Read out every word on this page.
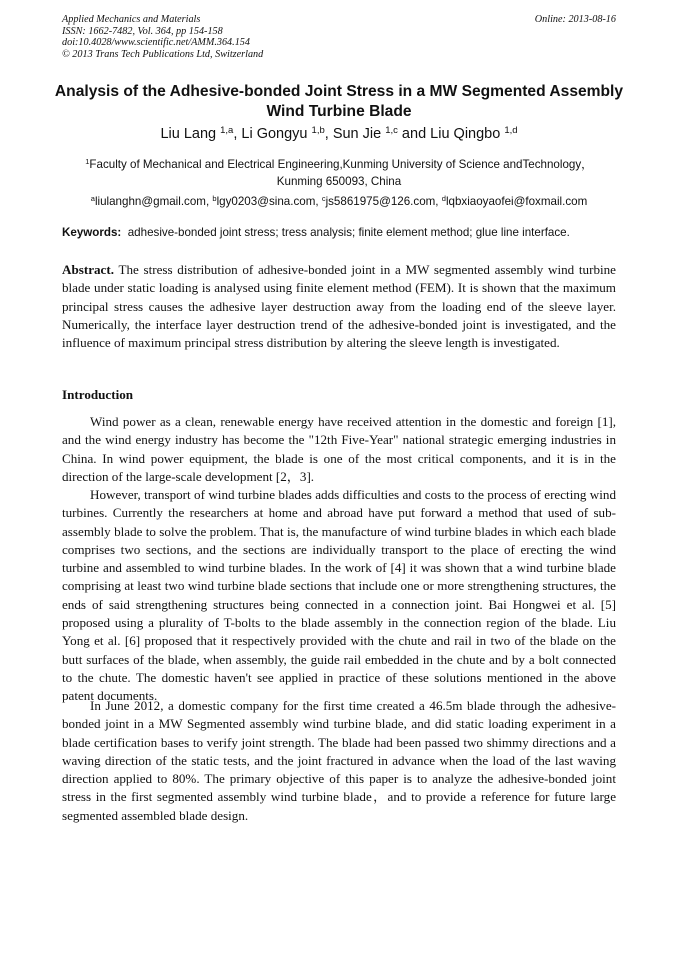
Applied Mechanics and Materials
ISSN: 1662-7482, Vol. 364, pp 154-158
doi:10.4028/www.scientific.net/AMM.364.154
© 2013 Trans Tech Publications Ltd, Switzerland
Online: 2013-08-16
Analysis of the Adhesive-bonded Joint Stress in a MW Segmented Assembly Wind Turbine Blade
Liu Lang $^{1,a}$, Li Gongyu $^{1,b}$, Sun Jie $^{1,c}$ and Liu Qingbo $^{1,d}$
$^1$Faculty of Mechanical and Electrical Engineering,Kunming University of Science andTechnology，
Kunming 650093, China
$^a$liulanghn@gmail.com, $^b$lgy0203@sina.com, $^c$js5861975@126.com, $^d$lqbxiaoyaofei@foxmail.com
Keywords: adhesive-bonded joint stress; tress analysis; finite element method; glue line interface.
Abstract. The stress distribution of adhesive-bonded joint in a MW segmented assembly wind turbine blade under static loading is analysed using finite element method (FEM). It is shown that the maximum principal stress causes the adhesive layer destruction away from the loading end of the sleeve layer. Numerically, the interface layer destruction trend of the adhesive-bonded joint is investigated, and the influence of maximum principal stress distribution by altering the sleeve length is investigated.
Introduction
Wind power as a clean, renewable energy have received attention in the domestic and foreign [1], and the wind energy industry has become the "12th Five-Year" national strategic emerging industries in China. In wind power equipment, the blade is one of the most critical components, and it is in the direction of the large-scale development [2，3].
However, transport of wind turbine blades adds difficulties and costs to the process of erecting wind turbines. Currently the researchers at home and abroad have put forward a method that used of sub-assembly blade to solve the problem. That is, the manufacture of wind turbine blades in which each blade comprises two sections, and the sections are individually transport to the place of erecting the wind turbine and assembled to wind turbine blades. In the work of [4] it was shown that a wind turbine blade comprising at least two wind turbine blade sections that include one or more strengthening structures, the ends of said strengthening structures being connected in a connection joint. Bai Hongwei et al. [5] proposed using a plurality of T-bolts to the blade assembly in the connection region of the blade. Liu Yong et al. [6] proposed that it respectively provided with the chute and rail in two of the blade on the butt surfaces of the blade, when assembly, the guide rail embedded in the chute and by a bolt connected to the chute. The domestic haven't see applied in practice of these solutions mentioned in the above patent documents.
In June 2012, a domestic company for the first time created a 46.5m blade through the adhesive-bonded joint in a MW Segmented assembly wind turbine blade, and did static loading experiment in a blade certification bases to verify joint strength. The blade had been passed two shimmy directions and a waving direction of the static tests, and the joint fractured in advance when the load of the last waving direction applied to 80%. The primary objective of this paper is to analyze the adhesive-bonded joint stress in the first segmented assembly wind turbine blade，and to provide a reference for future large segmented assembled blade design.
